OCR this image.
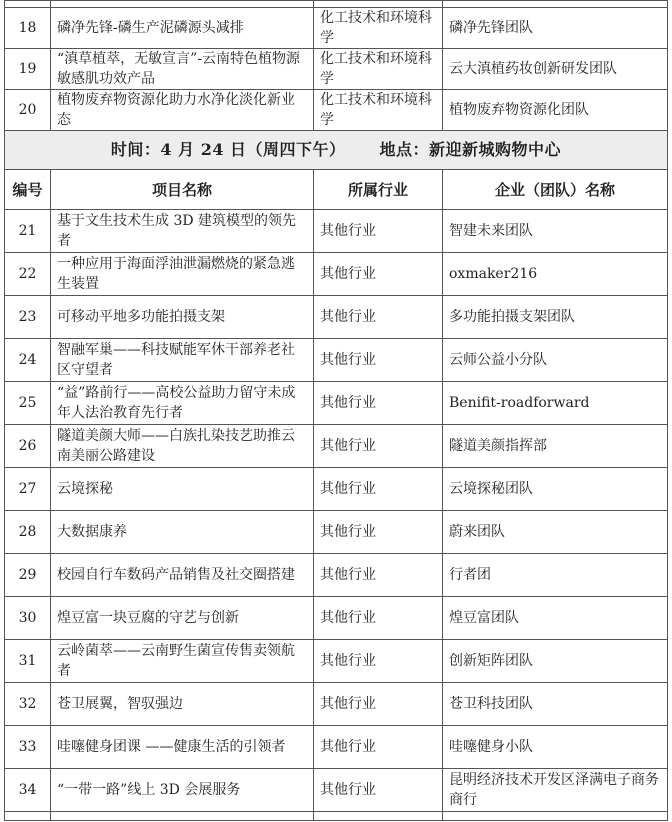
18	磷净先锋-磷生产泥磷源头减排	化工技术和环境科学	磷净先锋团队
19	“滇草植萃，无敏宣言”-云南特色植物源敏感肌功效产品	化工技术和环境科学	云大滇植药妆创新研发团队
20	植物废弃物资源化助力水净化淡化新业态	化工技术和环境科学	植物废弃物资源化团队
时间：4 月 24 日（周四下午） 地点：新迎新城购物中心			
编号	项目名称	所属行业	企业（团队）名称
21	基于文生技术生成 3D 建筑模型的领先者	其他行业	智建未来团队
22	一种应用于海面浮油泄漏燃烧的紧急逃生装置	其他行业	oxmaker216
23	可移动平地多功能拍摄支架	其他行业	多功能拍摄支架团队
24	智融军巢——科技赋能军休干部养老社区守望者	其他行业	云师公益小分队
25	“益”路前行——高校公益助力留守未成年人法治教育先行者	其他行业	Benifit-roadforward
26	隧道美颜大师——白族扎染技艺助推云南美丽公路建设	其他行业	隧道美颜指挥部
27	云境探秘	其他行业	云境探秘团队
28	大数据康养	其他行业	蔚来团队
29	校园自行车数码产品销售及社交圈搭建	其他行业	行者团
30	煌豆富一块豆腐的守艺与创新	其他行业	煌豆富团队
31	云岭菌萃——云南野生菌宣传售卖领航者	其他行业	创新矩阵团队
32	苍卫展翼，智驭强边	其他行业	苍卫科技团队
33	哇噻健身团课 ——健康生活的引领者	其他行业	哇噻健身小队
34	“一带一路”线上 3D 会展服务	其他行业	昆明经济技术开发区泽满电子商务商行
